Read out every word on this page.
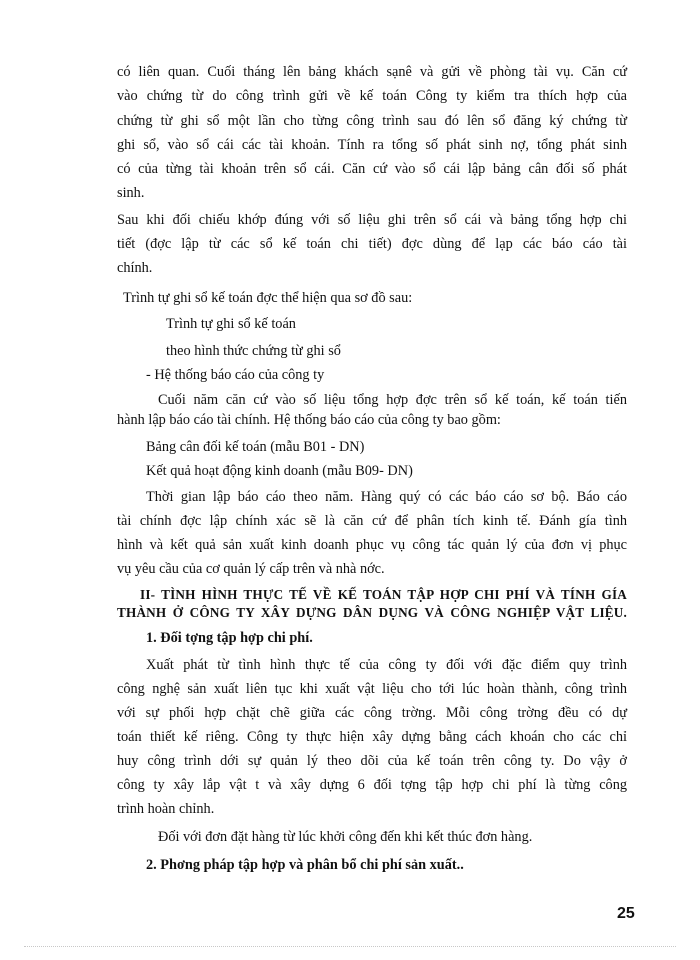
có liên quan. Cuối tháng lên bảng khách sạnê và gửi về phòng tài vụ. Căn cứ
vào chứng từ do công trình gửi về kế toán Công ty kiểm tra thích hợp của
chứng từ ghi sổ một lần cho từng công trình sau đó lên sổ đăng ký chứng từ
ghi sổ, vào sổ cái các tài khoản. Tính ra tổng số phát sinh nợ, tổng phát sinh
có của từng tài khoản trên sổ cái. Căn cứ vào sổ cái lập bảng cân đối số phát
sinh.
Sau khi đối chiếu khớp đúng với số liệu ghi trên sổ cái và bảng tổng hợp chi
tiết (đợc lập từ các sổ kế toán chi tiết) đợc dùng để lạp các báo cáo tài
chính.
Trình tự ghi sổ kế toán đợc thể hiện qua sơ đồ sau:
Trình tự ghi sổ kế toán
theo hình thức chứng từ ghi sổ
- Hệ thống báo cáo của công ty
Cuối năm căn cứ vào số liệu tổng hợp đợc trên sổ kế toán, kế toán tiến
hành lập báo cáo tài chính. Hệ thống báo cáo của công ty bao gồm:
Bảng cân đối kế toán (mẫu B01 - DN)
Kết quả hoạt động kinh doanh (mẫu B09- DN)
Thời gian lập báo cáo theo năm. Hàng quý có các báo cáo sơ bộ. Báo cáo
tài chính đợc lập chính xác sẽ là căn cứ để phân tích kinh tế. Đánh gía tình
hình và kết quả sản xuất kinh doanh phục vụ công tác quản lý của đơn vị phục
vụ yêu cầu của cơ quản lý cấp trên và nhà nớc.
II- TÌNH HÌNH THỰC TẾ VỀ KẾ TOÁN TẬP HỢP CHI PHÍ VÀ TÍNH GÍA
THÀNH Ở CÔNG TY XÂY DỰNG DÂN DỤNG VÀ CÔNG NGHIỆP VẬT LIỆU.
1. Đối tợng tập hợp chi phí.
Xuất phát từ tình hình thực tế của công ty đối với đặc điểm quy trình
công nghệ sản xuất liên tục khi xuất vật liệu cho tới lúc hoàn thành, công trình
với sự phối hợp chặt chẽ giữa các công trờng. Mỗi công trờng đều có dự
toán thiết kế riêng. Công ty thực hiện xây dựng bằng cách khoán cho các chỉ
huy công trình dới sự quản lý theo dõi của kế toán trên công ty. Do vậy ở
công ty xây lắp vật t và xây dựng 6 đối tợng tập hợp chi phí là từng công
trình hoàn chỉnh.
Đối với đơn đặt hàng từ lúc khởi công đến khi kết thúc đơn hàng.
2. Phơng pháp tập hợp và phân bổ chi phí sản xuất..
25
